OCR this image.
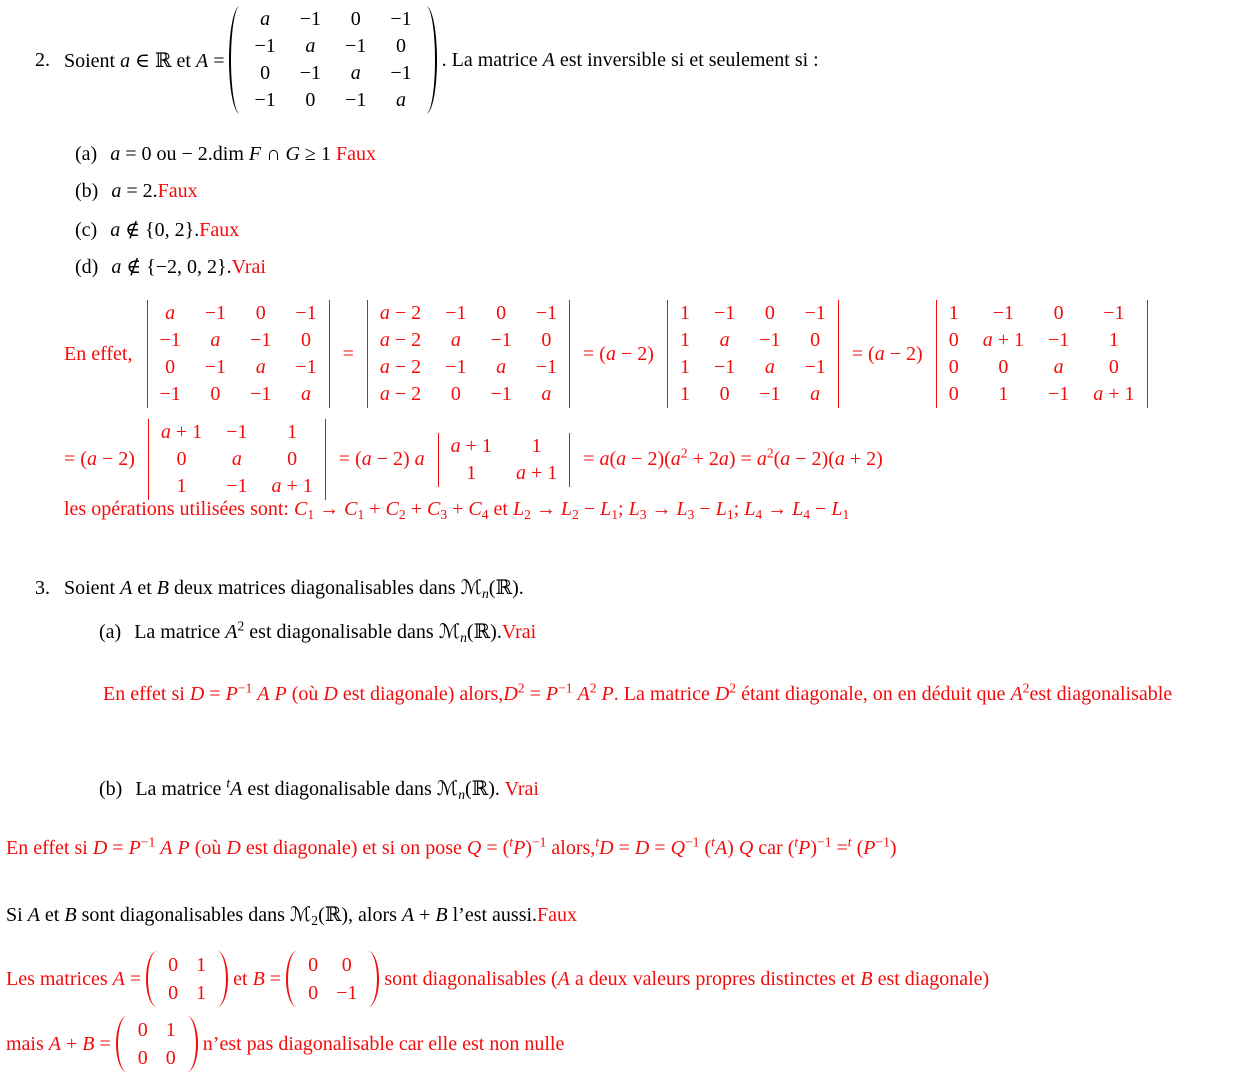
2. Soient a ∈ ℝ et A =
a	−1	0	−1
−1	a	−1	0
0	−1	a	−1
−1	0	−1	a
. La matrice A est inversible si et seulement si :
(a) a = 0 ou − 2.dim F ∩ G ≥ 1 Faux
(b) a = 2.Faux
(c) a ∉ {0, 2}.Faux
(d) a ∉ {−2, 0, 2}.Vrai
En effet,
a	−1	0	−1
−1	a	−1	0
0	−1	a	−1
−1	0	−1	a
=
a − 2	−1	0	−1
a − 2	a	−1	0
a − 2	−1	a	−1
a − 2	0	−1	a
= (a − 2)
1	−1	0	−1
1	a	−1	0
1	−1	a	−1
1	0	−1	a
= (a − 2)
1	−1	0	−1
0	a + 1	−1	1
0	0	a	0
0	1	−1	a + 1
= (a − 2)
a + 1	−1	1
0	a	0
1	−1	a + 1
= (a − 2) a
a + 1	1
1	a + 1
= $a(a - 2)(a^2 + 2a) = a^2(a - 2)(a + 2)$
les opérations utilisées sont: C1 → C1 + C2 + C3 + C4 et L2 → L2 − L1; L3 → L3 − L1; L4 → L4 − L1
3. Soient A et B deux matrices diagonalisables dans ℳn(ℝ).
(a) La matrice $A^2$ est diagonalisable dans ℳn(ℝ).Vrai
En effet si $D = P^{-1}$ A P (où D est diagonale) $alors,D^2 = P^{-1}$ $A^2$ P. La matrice $D^2$ étant diagonale, on en déduit que $A^2est$ diagonalisable
(b) La matrice $^t$A est diagonalisable dans ℳn(ℝ). Vrai
En effet si $D = P^{-1}$ A P (où D est diagonale) et si on pose $Q = (^tP)^{-1}$ alors,$^t$D = $D = Q^{-1}$ ($^t$A) Q car $(^tP)^{-1} =^t$ $(P^{-1})$
Si A et B sont diagonalisables dans ℳ2(ℝ), alors A + B l’est aussi.Faux
Les matrices A =
0 1
0 1
et B =
0	0
0 −1
sont diagonalisables (A a deux valeurs propres distinctes et B est diagonale)
mais A + B =
0 1
0 0
n’est pas diagonalisable car elle est non nulle
